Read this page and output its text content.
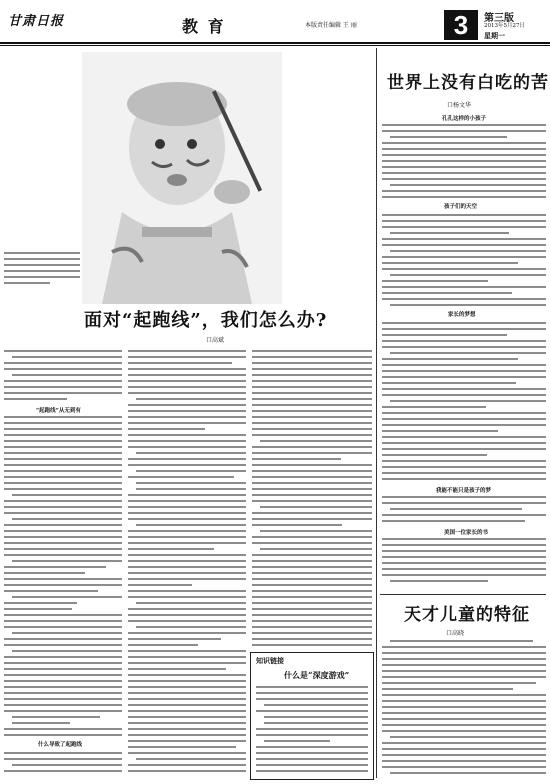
甘肃日报	教 育	本版责任编辑 王 丽	3	第三版
2013年5月27日
星期一
面对“起跑线”，我们怎么办?
口高斌
“起跑线”从无到有
什么导致了起跑线
知识链接
什么是“深度游戏”
世界上没有白吃的苦
口杨文华
孔孔这样的小孩子
孩子们的天空
家长的梦想
我能不能只是孩子的梦
美国一位家长的书
天才儿童的特征
口高晓
